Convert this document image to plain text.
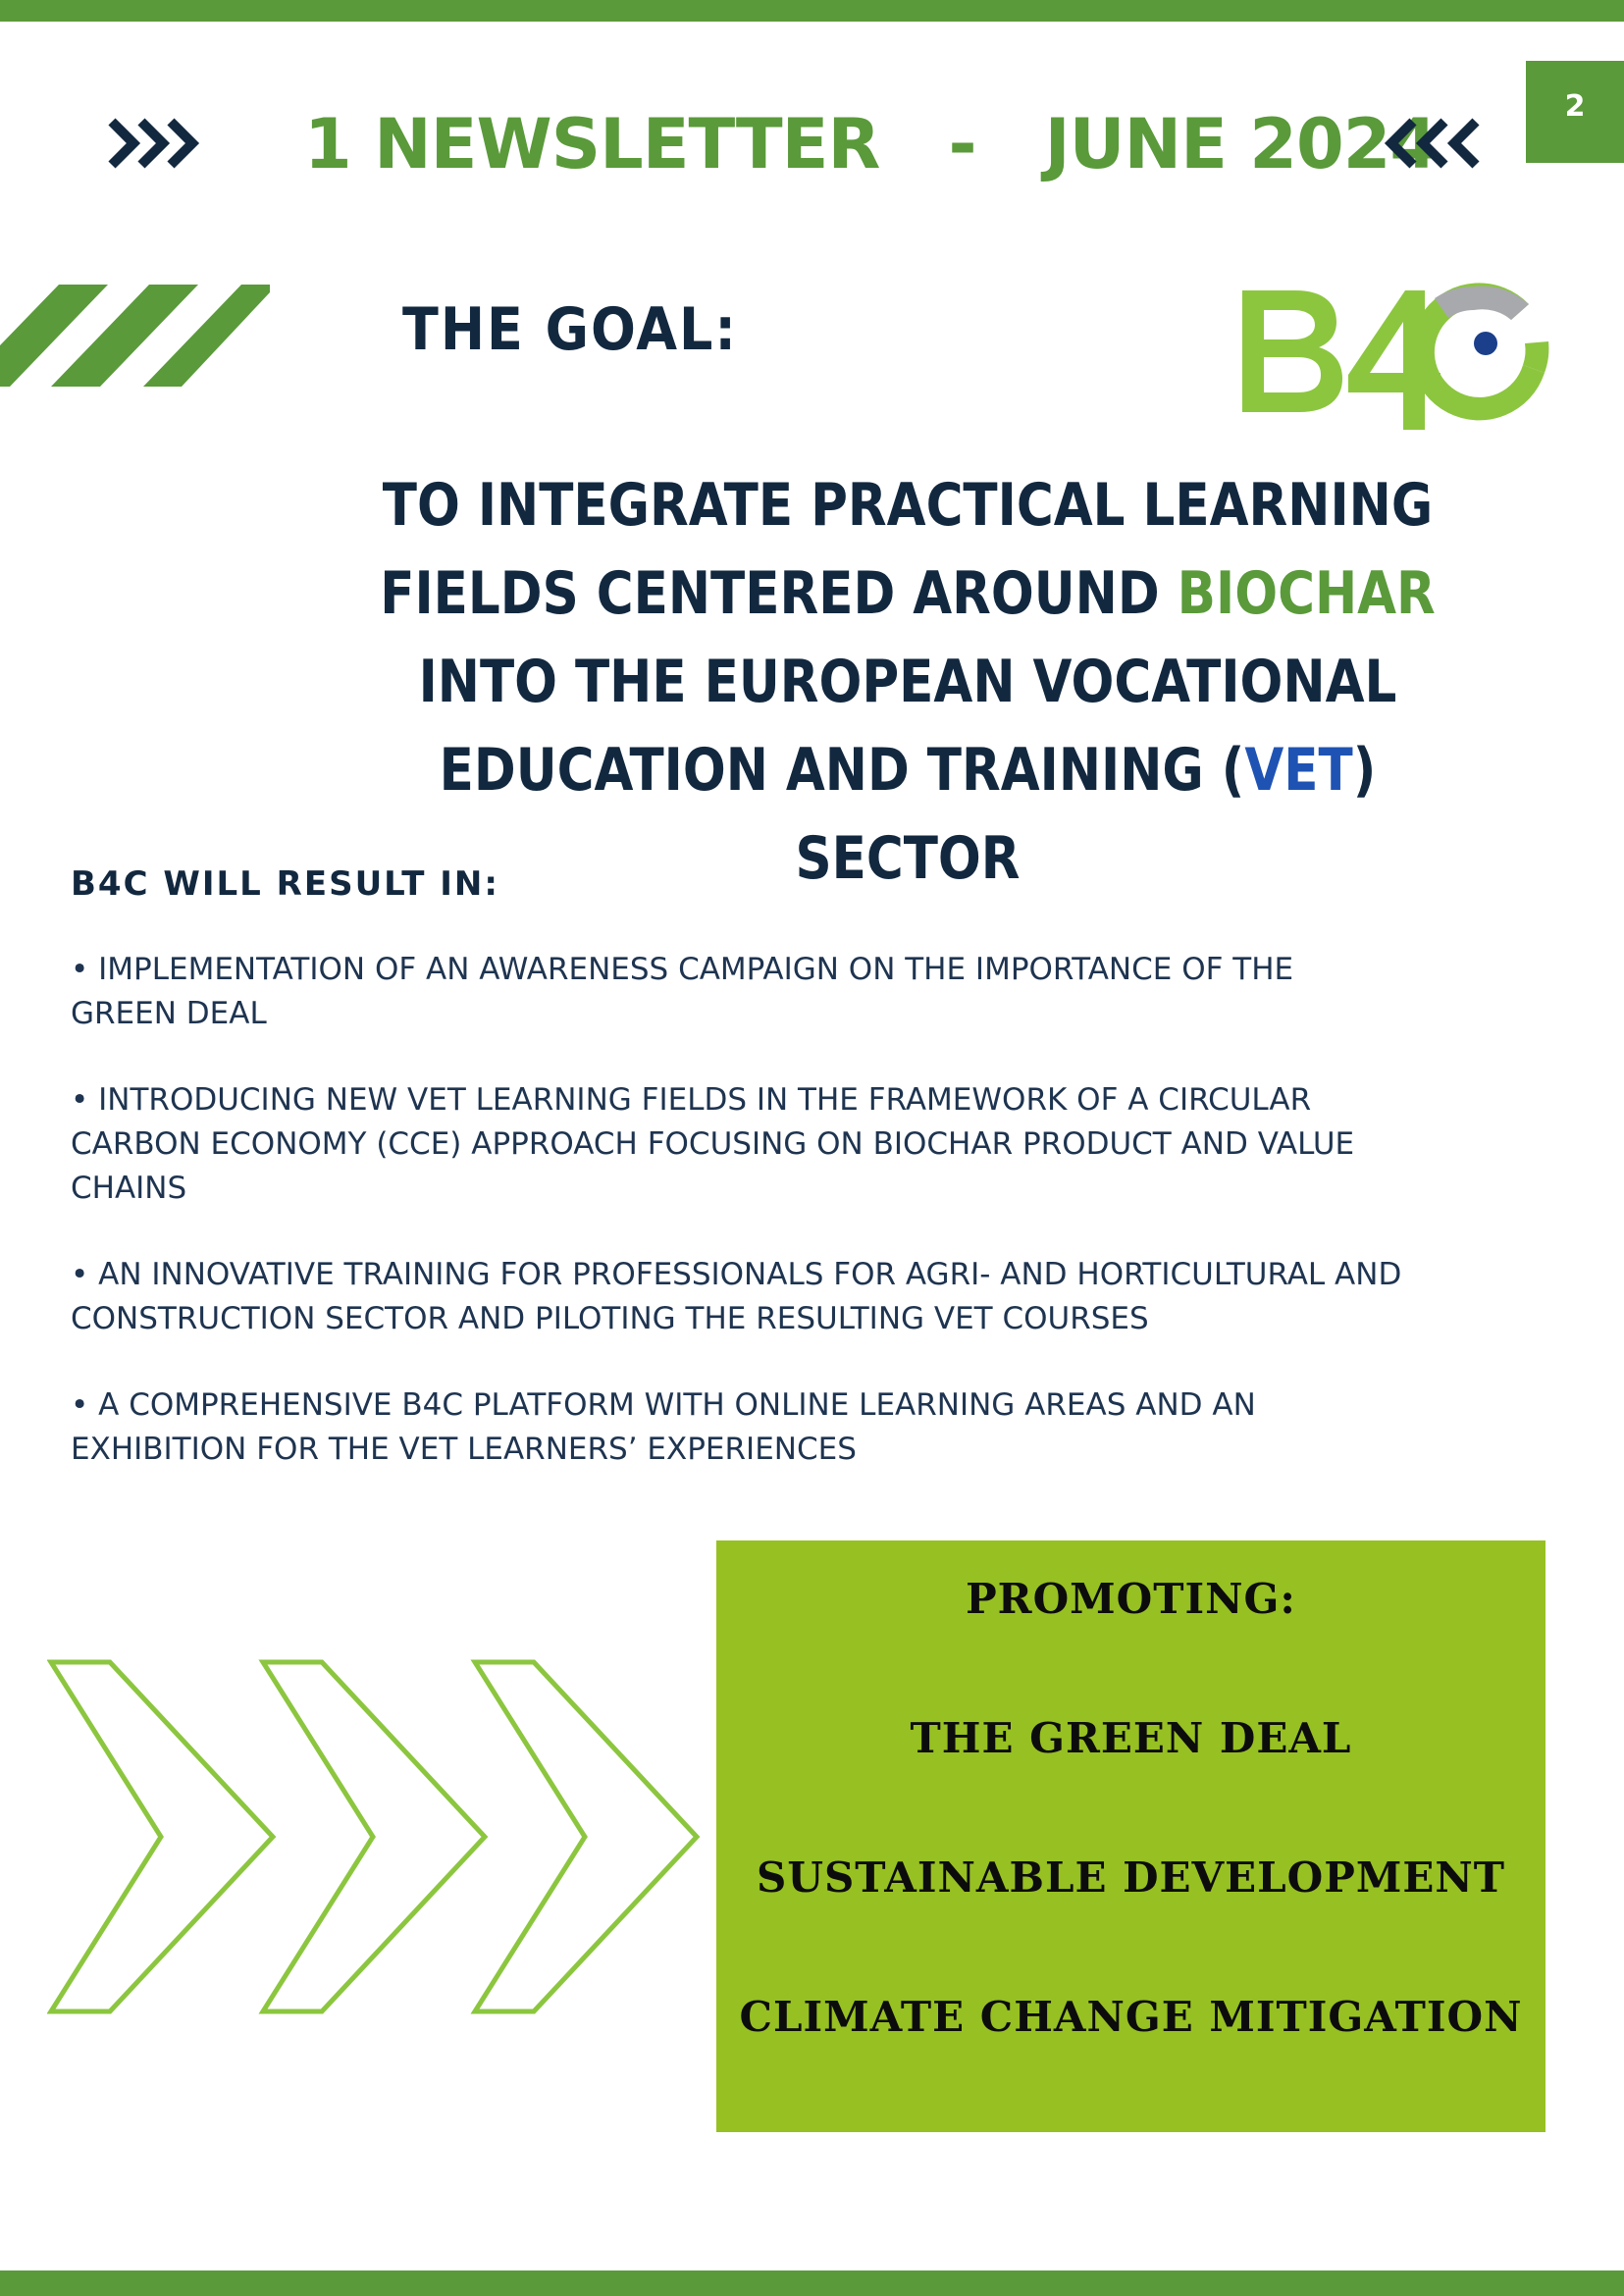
2
1 NEWSLETTER   -   JUNE 2024
THE GOAL:
B4C
TO INTEGRATE PRACTICAL LEARNING FIELDS CENTERED AROUND BIOCHAR INTO THE EUROPEAN VOCATIONAL EDUCATION AND TRAINING (VET) SECTOR
B4C WILL RESULT IN:
• IMPLEMENTATION OF AN AWARENESS CAMPAIGN ON THE IMPORTANCE OF THE GREEN DEAL
• INTRODUCING NEW VET LEARNING FIELDS IN THE FRAMEWORK OF A CIRCULAR CARBON ECONOMY (CCE) APPROACH FOCUSING ON BIOCHAR PRODUCT AND VALUE CHAINS
• AN INNOVATIVE TRAINING FOR PROFESSIONALS FOR AGRI- AND HORTICULTURAL AND CONSTRUCTION SECTOR AND PILOTING THE RESULTING VET COURSES
• A COMPREHENSIVE B4C PLATFORM WITH ONLINE LEARNING AREAS AND AN EXHIBITION FOR THE VET LEARNERS’ EXPERIENCES
PROMOTING:
THE GREEN DEAL
SUSTAINABLE DEVELOPMENT
CLIMATE CHANGE MITIGATION
